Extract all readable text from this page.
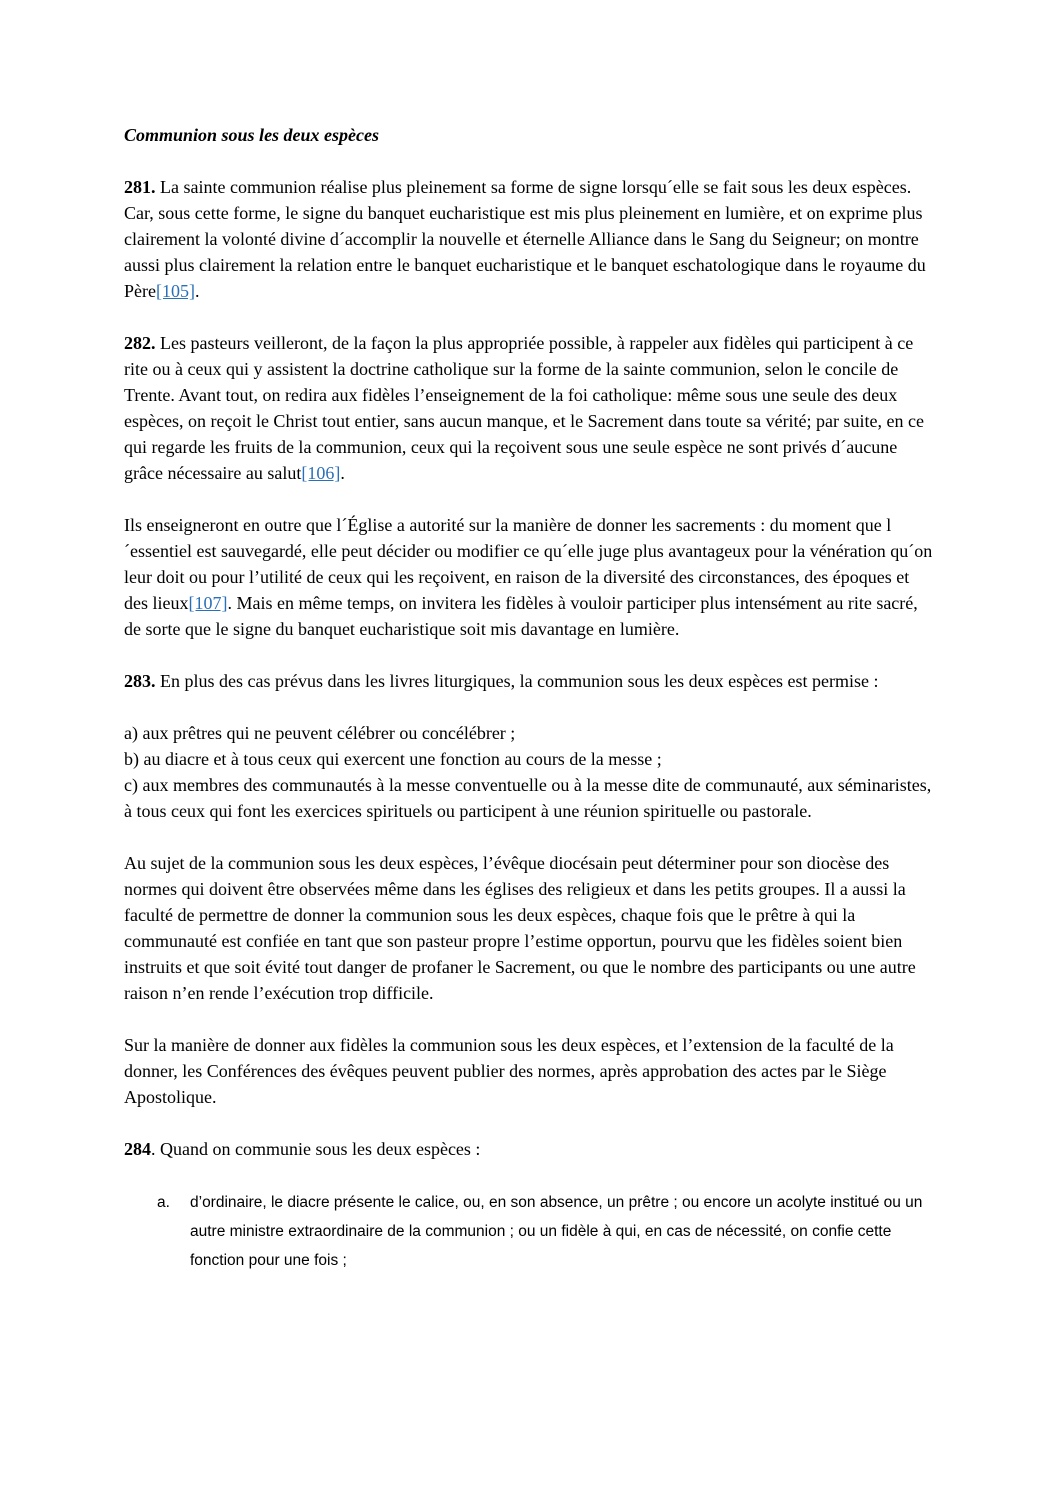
Communion sous les deux espèces
281. La sainte communion réalise plus pleinement sa forme de signe lorsqu´elle se fait sous les deux espèces. Car, sous cette forme, le signe du banquet eucharistique est mis plus pleinement en lumière, et on exprime plus clairement la volonté divine d´accomplir la nouvelle et éternelle Alliance dans le Sang du Seigneur; on montre aussi plus clairement la relation entre le banquet eucharistique et le banquet eschatologique dans le royaume du Père[105].
282. Les pasteurs veilleront, de la façon la plus appropriée possible, à rappeler aux fidèles qui participent à ce rite ou à ceux qui y assistent la doctrine catholique sur la forme de la sainte communion, selon le concile de Trente. Avant tout, on redira aux fidèles l’enseignement de la foi catholique: même sous une seule des deux espèces, on reçoit le Christ tout entier, sans aucun manque, et le Sacrement dans toute sa vérité; par suite, en ce qui regarde les fruits de la communion, ceux qui la reçoivent sous une seule espèce ne sont privés d´aucune grâce nécessaire au salut[106].
Ils enseigneront en outre que l´Église a autorité sur la manière de donner les sacrements : du moment que l´essentiel est sauvegardé, elle peut décider ou modifier ce qu´elle juge plus avantageux pour la vénération qu´on leur doit ou pour l’utilité de ceux qui les reçoivent, en raison de la diversité des circonstances, des époques et des lieux[107]. Mais en même temps, on invitera les fidèles à vouloir participer plus intensément au rite sacré, de sorte que le signe du banquet eucharistique soit mis davantage en lumière.
283. En plus des cas prévus dans les livres liturgiques, la communion sous les deux espèces est permise :
a) aux prêtres qui ne peuvent célébrer ou concélébrer ;
b) au diacre et à tous ceux qui exercent une fonction au cours de la messe ;
c) aux membres des communautés à la messe conventuelle ou à la messe dite de communauté, aux séminaristes, à tous ceux qui font les exercices spirituels ou participent à une réunion spirituelle ou pastorale.
Au sujet de la communion sous les deux espèces, l’évêque diocésain peut déterminer pour son diocèse des normes qui doivent être observées même dans les églises des religieux et dans les petits groupes. Il a aussi la faculté de permettre de donner la communion sous les deux espèces, chaque fois que le prêtre à qui la communauté est confiée en tant que son pasteur propre l’estime opportun, pourvu que les fidèles soient bien instruits et que soit évité tout danger de profaner le Sacrement, ou que le nombre des participants ou une autre raison n’en rende l’exécution trop difficile.
Sur la manière de donner aux fidèles la communion sous les deux espèces, et l’extension de la faculté de la donner, les Conférences des évêques peuvent publier des normes, après approbation des actes par le Siège Apostolique.
284. Quand on communie sous les deux espèces :
a. d’ordinaire, le diacre présente le calice, ou, en son absence, un prêtre ; ou encore un acolyte institué ou un autre ministre extraordinaire de la communion ; ou un fidèle à qui, en cas de nécessité, on confie cette fonction pour une fois ;
